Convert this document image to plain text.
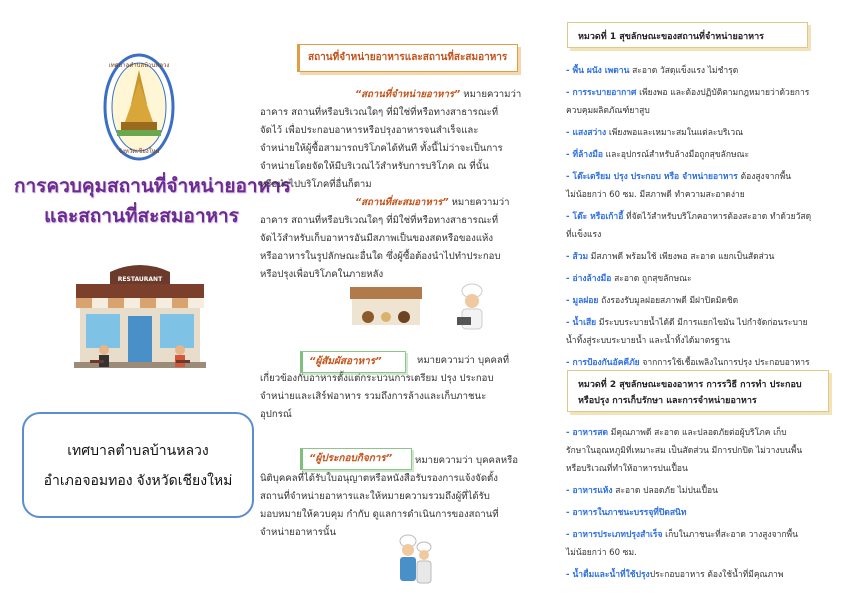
เทศบาลตำบลบ้านหลวง
จังหวัดเชียงใหม่
การควบคุมสถานที่จำหน่ายอาหาร
และสถานที่สะสมอาหาร
RESTAURANT
เทศบาลตำบลบ้านหลวง
อำเภอจอมทอง จังหวัดเชียงใหม่
สถานที่จำหน่ายอาหารและสถานที่สะสมอาหาร
“สถานที่จำหน่ายอาหาร” หมายความว่า
อาคาร สถานที่หรือบริเวณใดๆ ที่มิใช่ที่หรือทางสาธารณะที่
จัดไว้ เพื่อประกอบอาหารหรือปรุงอาหารจนสำเร็จและ
จำหน่ายให้ผู้ซื้อสามารถบริโภคได้ทันที ทั้งนี้ไม่ว่าจะเป็นการ
จำหน่ายโดยจัดให้มีบริเวณไว้สำหรับการบริโภค ณ ที่นั้น
หรือนำไปบริโภคที่อื่นก็ตาม
“สถานที่สะสมอาหาร” หมายความว่า
อาคาร สถานที่หรือบริเวณใดๆ ที่มิใช่ที่หรือทางสาธารณะที่
จัดไว้สำหรับเก็บอาหารอันมีสภาพเป็นของสดหรือของแห้ง
หรืออาหารในรูปลักษณะอื่นใด ซึ่งผู้ซื้อต้องนำไปทำประกอบ
หรือปรุงเพื่อบริโภคในภายหลัง
“ผู้สัมผัสอาหาร”	หมายความว่า บุคคลที่
เกี่ยวข้องกับอาหารตั้งแต่กระบวนการเตรียม ปรุง ประกอบ
จำหน่ายและเสิร์ฟอาหาร รวมถึงการล้างและเก็บภาชนะ
อุปกรณ์
“ผู้ประกอบกิจการ”	หมายความว่า บุคคลหรือ
นิติบุคคลที่ได้รับใบอนุญาตหรือหนังสือรับรองการแจ้งจัดตั้ง
สถานที่จำหน่ายอาหารและให้หมายความรวมถึงผู้ที่ได้รับ
มอบหมายให้ควบคุม กำกับ ดูแลการดำเนินการของสถานที่
จำหน่ายอาหารนั้น
หมวดที่ 1 สุขลักษณะของสถานที่จำหน่ายอาหาร
- พื้น ผนัง เพดาน สะอาด วัสดุแข็งแรง ไม่ชำรุด
- การระบายอากาศ เพียงพอ และต้องปฏิบัติตามกฎหมายว่าด้วยการ
ควบคุมผลิตภัณฑ์ยาสูบ
- แสงสว่าง เพียงพอและเหมาะสมในแต่ละบริเวณ
- ที่ล้างมือ และอุปกรณ์สำหรับล้างมือถูกสุขลักษณะ
- โต๊ะเตรียม ปรุง ประกอบ หรือ จำหน่ายอาหาร ต้องสูงจากพื้น
ไม่น้อยกว่า 60 ซม. มีสภาพดี ทำความสะอาดง่าย
- โต๊ะ หรือเก้าอี้ ที่จัดไว้สำหรับบริโภคอาหารต้องสะอาด ทำด้วยวัสดุ
ที่แข็งแรง
- ส้วม มีสภาพดี พร้อมใช้ เพียงพอ สะอาด แยกเป็นสัดส่วน
- อ่างล้างมือ สะอาด ถูกสุขลักษณะ
- มูลฝอย ถังรองรับมูลฝอยสภาพดี มีฝาปิดมิดชิด
- น้ำเสีย มีระบบระบายน้ำได้ดี มีการแยกไขมัน ไปกำจัดก่อนระบาย
น้ำทิ้งสู่ระบบระบายน้ำ และน้ำทิ้งได้มาตรฐาน
- การป้องกันอัคคีภัย จากการใช้เชื้อเพลิงในการปรุง ประกอบอาหาร
หมวดที่ 2 สุขลักษณะของอาหาร การรวิธี การทำ ประกอบ
หรือปรุง การเก็บรักษา และการจำหน่ายอาหาร
- อาหารสด มีคุณภาพดี สะอาด และปลอดภัยต่อผู้บริโภค เก็บ
รักษาในอุณหภูมิที่เหมาะสม เป็นสัดส่วน มีการปกปิด ไม่วางบนพื้น
หรือบริเวณที่ทำให้อาหารปนเปื้อน
- อาหารแห้ง สะอาด ปลอดภัย ไม่ปนเปื้อน
- อาหารในภาชนะบรรจุที่ปิดสนิท
- อาหารประเภทปรุงสำเร็จ เก็บในภาชนะที่สะอาด วางสูงจากพื้น
ไม่น้อยกว่า 60 ซม.
- น้ำดื่มและน้ำที่ใช้ปรุงประกอบอาหาร ต้องใช้น้ำที่มีคุณภาพ
